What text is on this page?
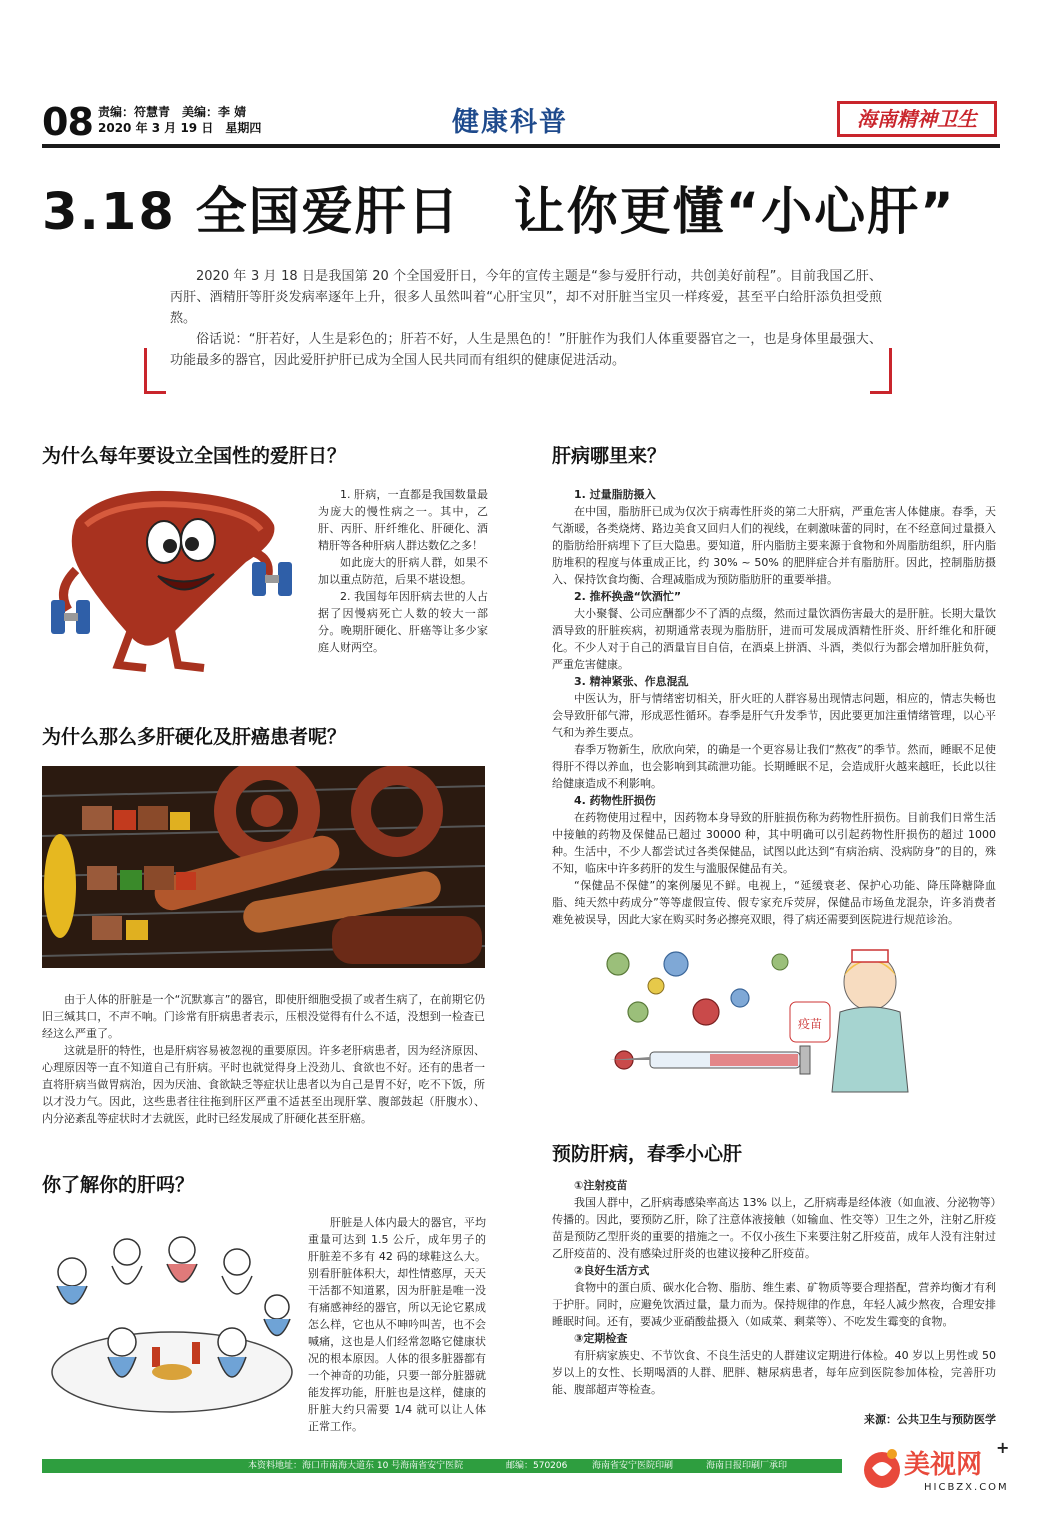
08 责编：符慧青　美编：李 婧
2020 年 3 月 19 日　星期四	健康科普	海南精神卫生
3.18 全国爱肝日　让你更懂“小心肝”

2020 年 3 月 18 日是我国第 20 个全国爱肝日，今年的宣传主题是“参与爱肝行动，共创美好前程”。目前我国乙肝、丙肝、酒精肝等肝炎发病率逐年上升，很多人虽然叫着“心肝宝贝”，却不对肝脏当宝贝一样疼爱，甚至平白给肝添负担受煎熬。

俗话说：“肝若好，人生是彩色的；肝若不好，人生是黑色的！”肝脏作为我们人体重要器官之一，也是身体里最强大、功能最多的器官，因此爱肝护肝已成为全国人民共同而有组织的健康促进活动。

为什么每年要设立全国性的爱肝日？

1. 肝病，一直都是我国数量最为庞大的慢性病之一。其中，乙肝、丙肝、肝纤维化、肝硬化、酒精肝等各种肝病人群达数亿之多！

如此庞大的肝病人群，如果不加以重点防范，后果不堪设想。

2. 我国每年因肝病去世的人占据了因慢病死亡人数的较大一部分。晚期肝硬化、肝癌等让多少家庭人财两空。

为什么那么多肝硬化及肝癌患者呢？

由于人体的肝脏是一个“沉默寡言”的器官，即使肝细胞受损了或者生病了，在前期它仍旧三缄其口，不声不响。门诊常有肝病患者表示，压根没觉得有什么不适，没想到一检查已经这么严重了。

这就是肝的特性，也是肝病容易被忽视的重要原因。许多老肝病患者，因为经济原因、心理原因等一直不知道自己有肝病。平时也就觉得身上没劲儿、食欲也不好。还有的患者一直将肝病当做胃病治，因为厌油、食欲缺乏等症状让患者以为自己是胃不好，吃不下饭，所以才没力气。因此，这些患者往往拖到肝区严重不适甚至出现肝掌、腹部鼓起（肝腹水）、内分泌紊乱等症状时才去就医，此时已经发展成了肝硬化甚至肝癌。

你了解你的肝吗？

肝脏是人体内最大的器官，平均重量可达到 1.5 公斤，成年男子的肝脏差不多有 42 码的球鞋这么大。别看肝脏体积大，却性情憨厚，天天干活都不知道累，因为肝脏是唯一没有痛感神经的器官，所以无论它累成怎么样，它也从不呻吟叫苦，也不会喊痛，这也是人们经常忽略它健康状况的根本原因。人体的很多脏器都有一个神奇的功能，只要一部分脏器就能发挥功能，肝脏也是这样，健康的肝脏大约只需要 1/4 就可以让人体正常工作。

肝病哪里来？
1. 过量脂肪摄入

在中国，脂肪肝已成为仅次于病毒性肝炎的第二大肝病，严重危害人体健康。春季，天气渐暖，各类烧烤、路边美食又回归人们的视线，在刺激味蕾的同时，在不经意间过量摄入的脂肪给肝病埋下了巨大隐患。要知道，肝内脂肪主要来源于食物和外周脂肪组织，肝内脂肪堆积的程度与体重成正比，约 30% ~ 50% 的肥胖症合并有脂肪肝。因此，控制脂肪摄入、保持饮食均衡、合理减脂成为预防脂肪肝的重要举措。

2. 推杯换盏“饮酒忙”

大小聚餐、公司应酬都少不了酒的点缀，然而过量饮酒伤害最大的是肝脏。长期大量饮酒导致的肝脏疾病，初期通常表现为脂肪肝，进而可发展成酒精性肝炎、肝纤维化和肝硬化。不少人对于自己的酒量盲目自信，在酒桌上拼酒、斗酒，类似行为都会增加肝脏负荷，严重危害健康。

3. 精神紧张、作息混乱

中医认为，肝与情绪密切相关，肝火旺的人群容易出现情志问题，相应的，情志失畅也会导致肝郁气滞，形成恶性循环。春季是肝气升发季节，因此要更加注重情绪管理，以心平气和为养生要点。

春季万物新生，欣欣向荣，的确是一个更容易让我们“熬夜”的季节。然而，睡眠不足使得肝不得以养血，也会影响到其疏泄功能。长期睡眠不足，会造成肝火越来越旺，长此以往给健康造成不利影响。

4. 药物性肝损伤

在药物使用过程中，因药物本身导致的肝脏损伤称为药物性肝损伤。目前我们日常生活中接触的药物及保健品已超过 30000 种，其中明确可以引起药物性肝损伤的超过 1000 种。生活中，不少人都尝试过各类保健品，试图以此达到“有病治病、没病防身”的目的，殊不知，临床中许多药肝的发生与滥服保健品有关。

“保健品不保健”的案例屡见不鲜。电视上，“延缓衰老、保护心功能、降压降糖降血脂、纯天然中药成分”等等虚假宣传、假专家充斥荧屏，保健品市场鱼龙混杂，许多消费者难免被误导，因此大家在购买时务必擦亮双眼，得了病还需要到医院进行规范诊治。

疫苗
预防肝病，春季小心肝
①注射疫苗

我国人群中，乙肝病毒感染率高达 13% 以上，乙肝病毒是经体液（如血液、分泌物等）传播的。因此，要预防乙肝，除了注意体液接触（如输血、性交等）卫生之外，注射乙肝疫苗是预防乙型肝炎的重要的措施之一。不仅小孩生下来要注射乙肝疫苗，成年人没有注射过乙肝疫苗的、没有感染过肝炎的也建议接种乙肝疫苗。

②良好生活方式

食物中的蛋白质、碳水化合物、脂肪、维生素、矿物质等要合理搭配，营养均衡才有利于护肝。同时，应避免饮酒过量，量力而为。保持规律的作息，年轻人减少熬夜，合理安排睡眠时间。还有，要减少亚硝酸盐摄入（如咸菜、剩菜等）、不吃发生霉变的食物。

③定期检查

有肝病家族史、不节饮食、不良生活史的人群建议定期进行体检。40 岁以上男性或 50 岁以上的女性、长期喝酒的人群、肥胖、糖尿病患者，每年应到医院参加体检，完善肝功能、腹部超声等检查。

来源：公共卫生与预防医学
本资料地址：海口市南海大道东 10 号海南省安宁医院	邮编：570206	海南省安宁医院印刷	海南日报印刷厂承印	美视网
+
HICBZX.COM
